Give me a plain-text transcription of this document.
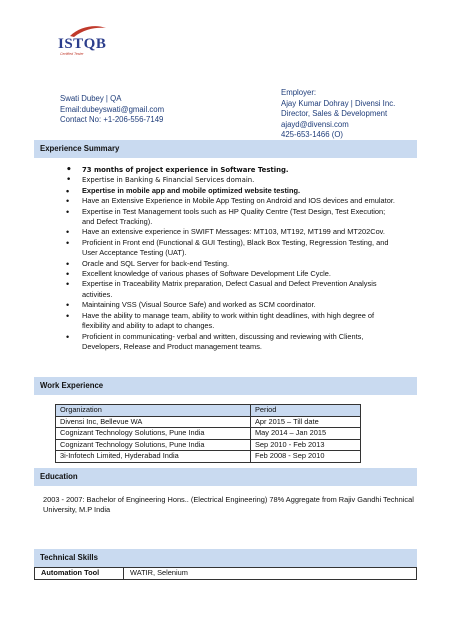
ISTQB
Certified Tester
Swati Dubey | QA
Email:dubeyswati@gmail.com
Contact No: +1-206-556-7149
Employer:
Ajay Kumar Dohray | Divensi Inc.
Director, Sales & Development
ajayd@divensi.com
425-653-1466 (O)
Experience Summary
• 73 months of project experience in Software Testing.
• Expertise in Banking & Financial Services domain.
• Expertise in mobile app and mobile optimized website testing.
• Have an Extensive Experience in Mobile App Testing on Android and IOS devices and emulator.
• Expertise in Test Management tools such as HP Quality Centre (Test Design, Test Execution; and Defect Tracking).
• Have an extensive experience in SWIFT Messages: MT103, MT192, MT199 and MT202Cov.
• Proficient in Front end (Functional & GUI Testing), Black Box Testing, Regression Testing, and User Acceptance Testing (UAT).
• Oracle and SQL Server for back-end Testing.
• Excellent knowledge of various phases of Software Development Life Cycle.
• Expertise in Traceability Matrix preparation, Defect Casual and Defect Prevention Analysis activities.
• Maintaining VSS (Visual Source Safe) and worked as SCM coordinator.
• Have the ability to manage team, ability to work within tight deadlines, with high degree of flexibility and ability to adapt to changes.
• Proficient in communicating- verbal and written, discussing and reviewing with Clients, Developers, Release and Product management teams.
Work Experience
Organization	Period
Divensi Inc, Bellevue WA	Apr 2015 – Till date
Cognizant Technology Solutions, Pune India	May 2014 – Jan 2015
Cognizant Technology Solutions, Pune India	Sep 2010 - Feb 2013
3i-Infotech Limited, Hyderabad India	Feb 2008 - Sep 2010
Education
2003 - 2007: Bachelor of Engineering Hons.. (Electrical Engineering) 78% Aggregate from Rajiv Gandhi Technical University, M.P India
Technical Skills
Automation Tool	WATIR, Selenium
